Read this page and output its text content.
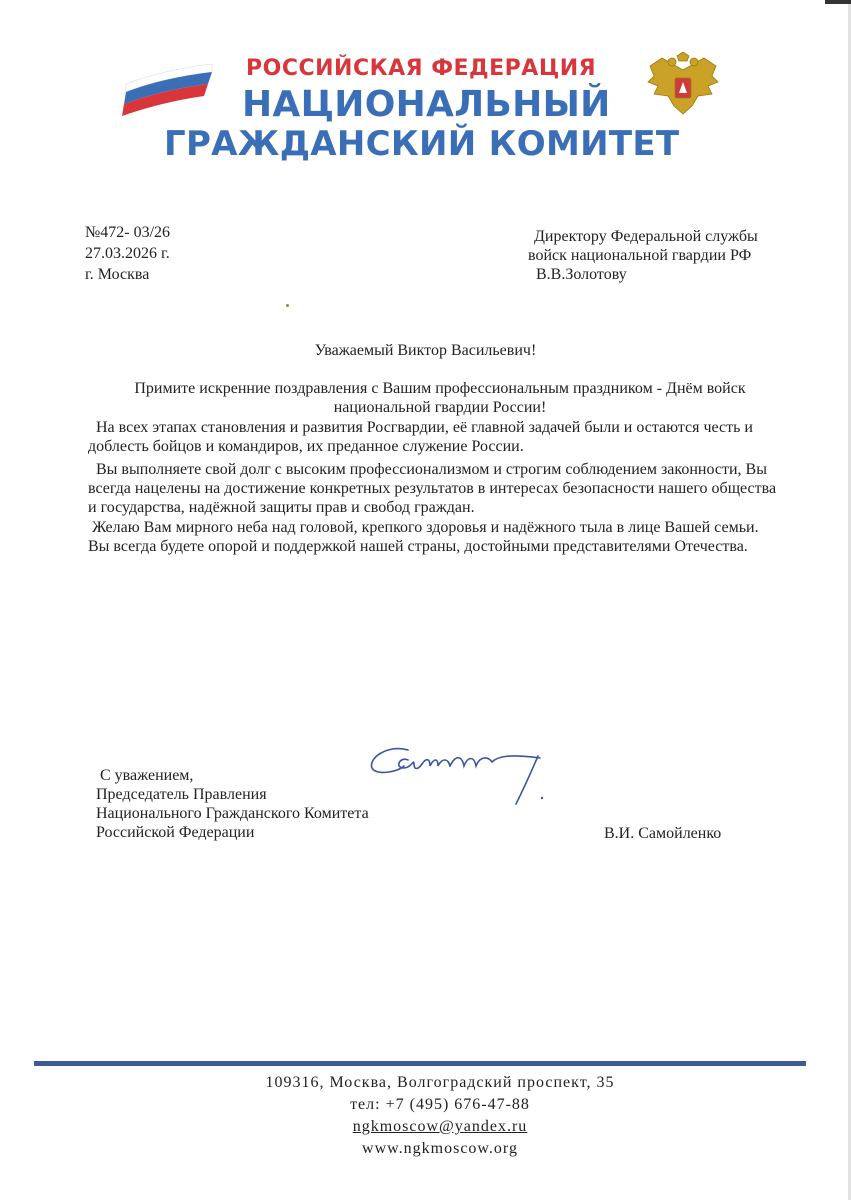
РОССИЙСКАЯ ФЕДЕРАЦИЯ
НАЦИОНАЛЬНЫЙ
ГРАЖДАНСКИЙ КОМИТЕТ
№472- 03/26
27.03.2026 г.
г. Москва
Директору Федеральной службы
войск национальной гвардии РФ
В.В.Золотову
Уважаемый Виктор Васильевич!
Примите искренние поздравления с Вашим профессиональным праздником - Днём войск национальной гвардии России!
На всех этапах становления и развития Росгвардии, её главной задачей были и остаются честь и доблесть бойцов и командиров, их преданное служение России.
Вы выполняете свой долг с высоким профессионализмом и строгим соблюдением законности, Вы всегда нацелены на достижение конкретных результатов в интересах безопасности нашего общества и государства, надёжной защиты прав и свобод граждан.
Желаю Вам мирного неба над головой, крепкого здоровья и надёжного тыла в лице Вашей семьи. Вы всегда будете опорой и поддержкой нашей страны, достойными представителями Отечества.
С уважением,
Председатель Правления
Национального Гражданского Комитета
Российской Федерации	В.И. Самойленко
109316, Москва, Волгоградский проспект, 35
тел: +7 (495) 676-47-88
ngkmoscow@yandex.ru
www.ngkmoscow.org
